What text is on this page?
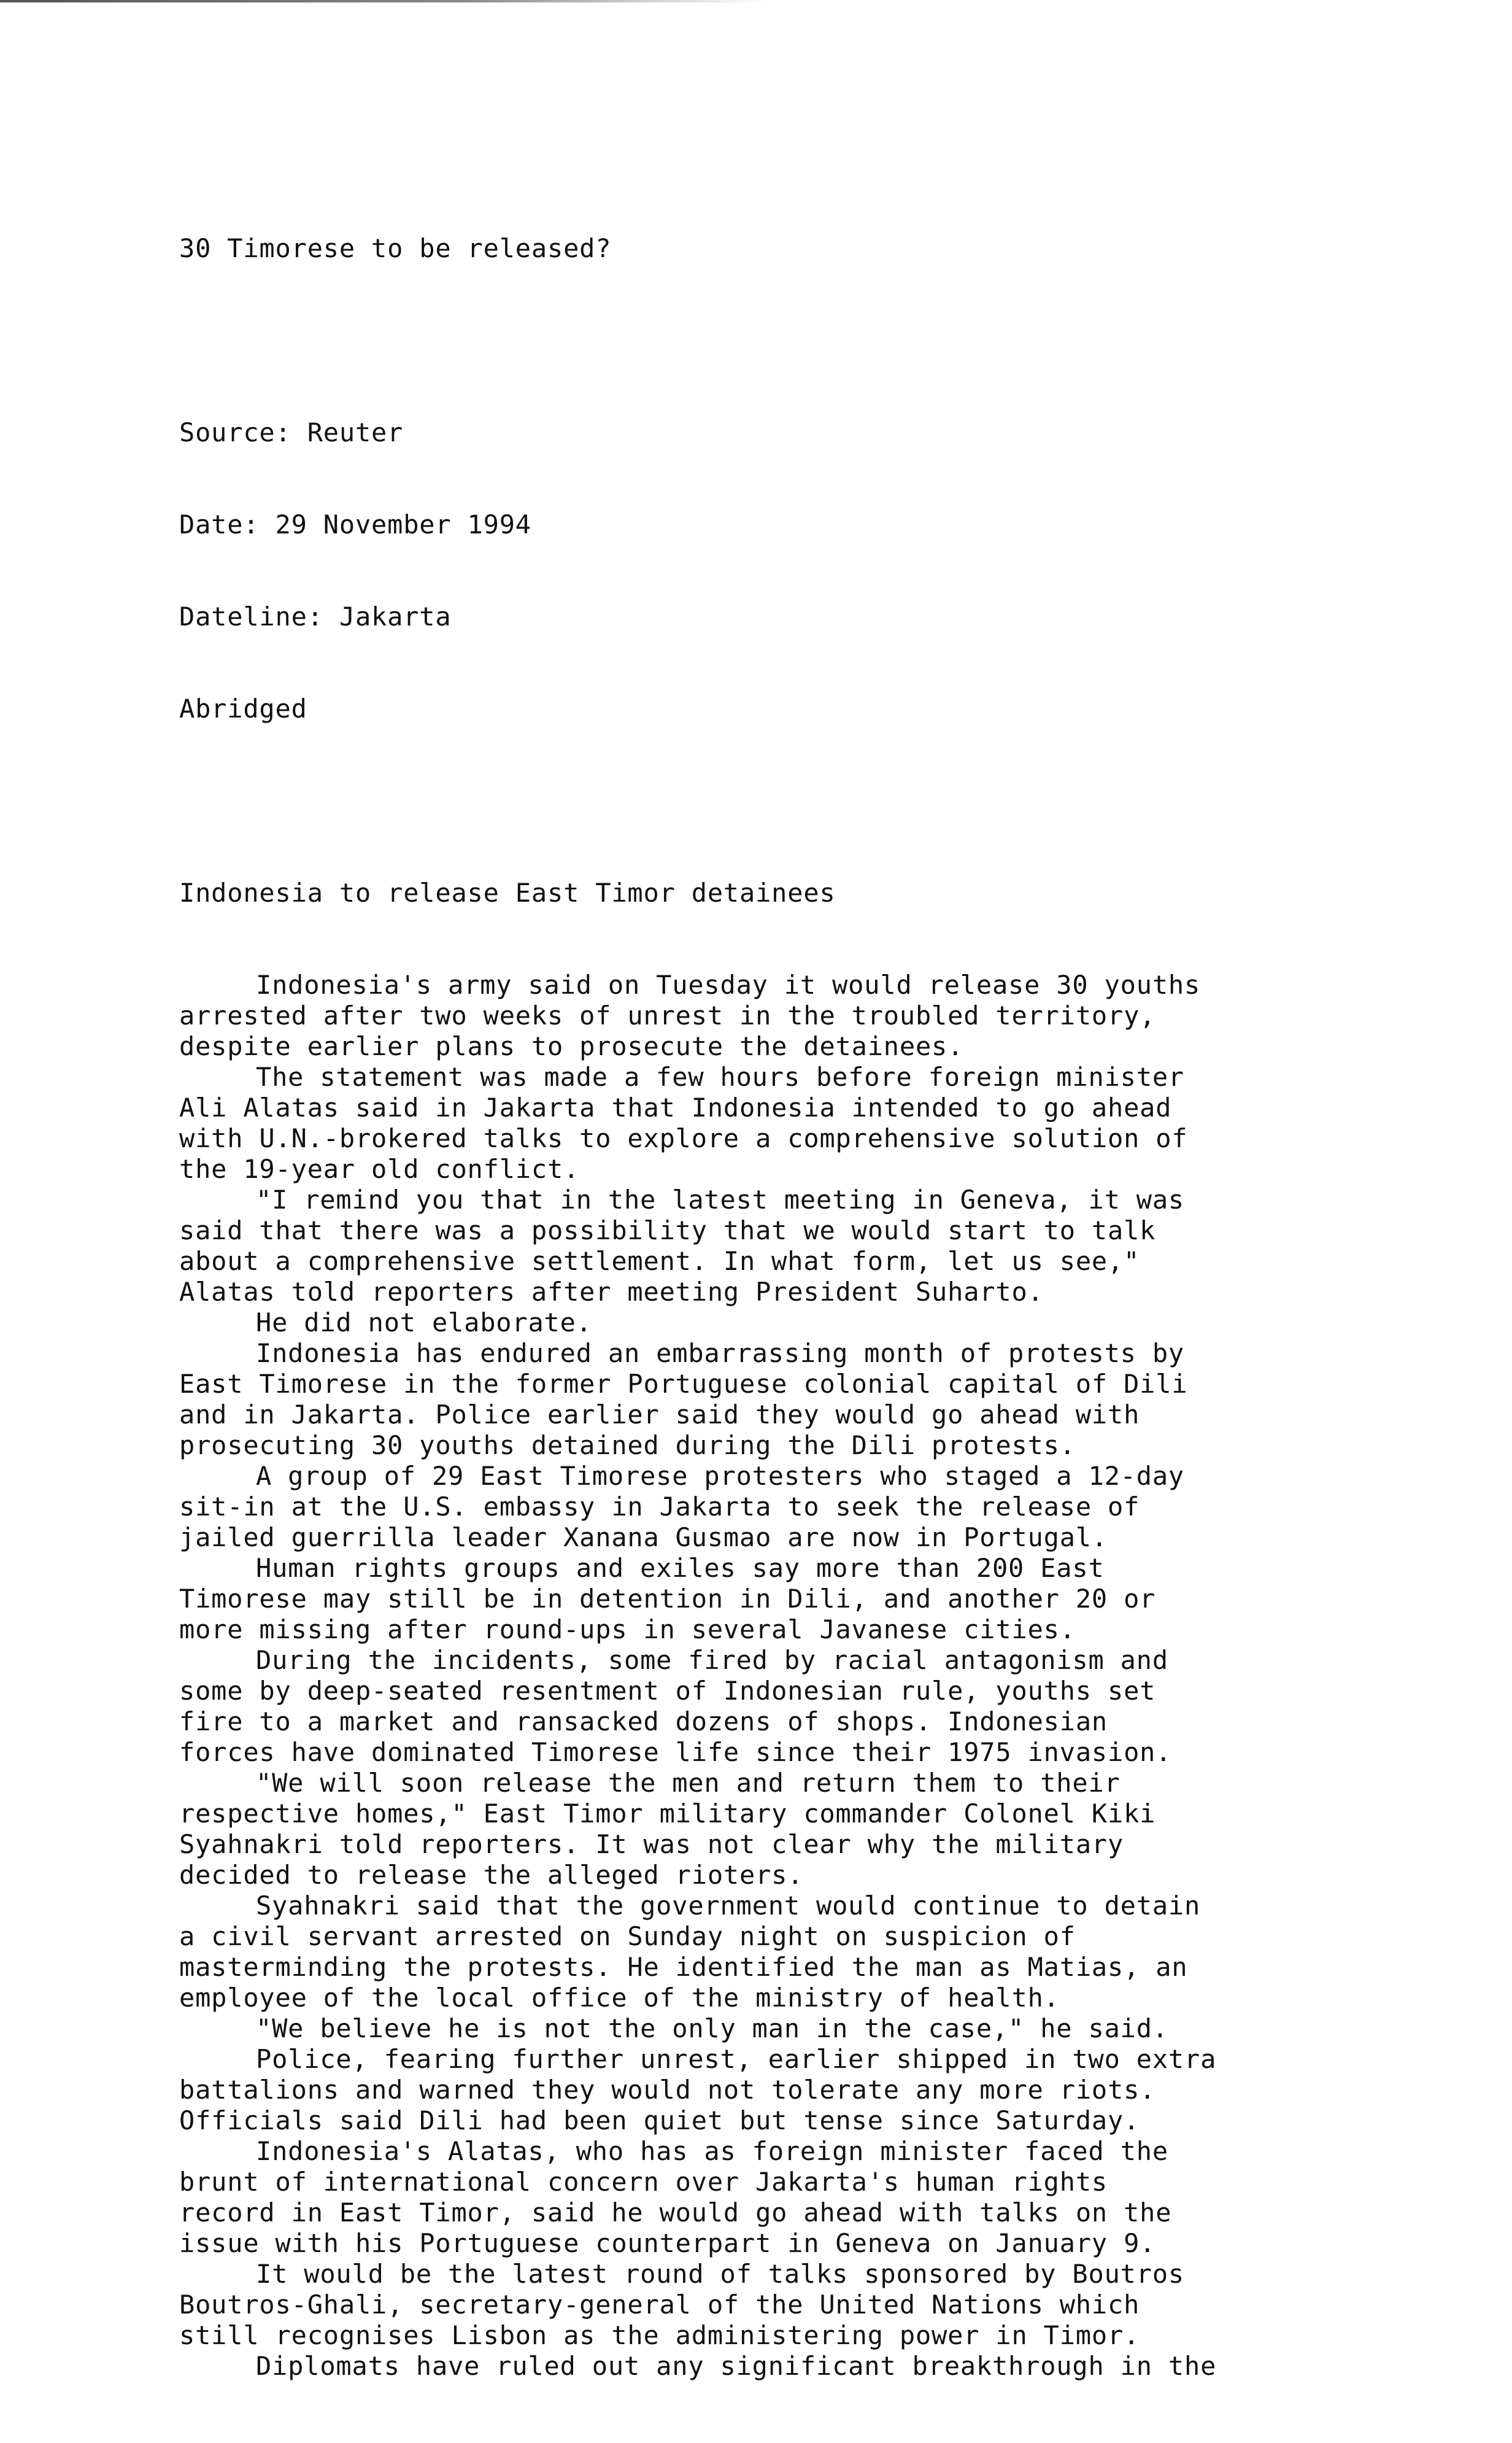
30 Timorese to be released?

Source: Reuter

Date: 29 November 1994

Dateline: Jakarta

Abridged

Indonesia to release East Timor detainees

Indonesia's army said on Tuesday it would release 30 youths
arrested after two weeks of unrest in the troubled territory,
despite earlier plans to prosecute the detainees.
The statement was made a few hours before foreign minister
Ali Alatas said in Jakarta that Indonesia intended to go ahead
with U.N.-brokered talks to explore a comprehensive solution of
the 19-year old conflict.
"I remind you that in the latest meeting in Geneva, it was
said that there was a possibility that we would start to talk
about a comprehensive settlement. In what form, let us see,"
Alatas told reporters after meeting President Suharto.
He did not elaborate.
Indonesia has endured an embarrassing month of protests by
East Timorese in the former Portuguese colonial capital of Dili
and in Jakarta. Police earlier said they would go ahead with
prosecuting 30 youths detained during the Dili protests.
A group of 29 East Timorese protesters who staged a 12-day
sit-in at the U.S. embassy in Jakarta to seek the release of
jailed guerrilla leader Xanana Gusmao are now in Portugal.
Human rights groups and exiles say more than 200 East
Timorese may still be in detention in Dili, and another 20 or
more missing after round-ups in several Javanese cities.
During the incidents, some fired by racial antagonism and
some by deep-seated resentment of Indonesian rule, youths set
fire to a market and ransacked dozens of shops. Indonesian
forces have dominated Timorese life since their 1975 invasion.
"We will soon release the men and return them to their
respective homes," East Timor military commander Colonel Kiki
Syahnakri told reporters. It was not clear why the military
decided to release the alleged rioters.
Syahnakri said that the government would continue to detain
a civil servant arrested on Sunday night on suspicion of
masterminding the protests. He identified the man as Matias, an
employee of the local office of the ministry of health.
"We believe he is not the only man in the case," he said.
Police, fearing further unrest, earlier shipped in two extra
battalions and warned they would not tolerate any more riots.
Officials said Dili had been quiet but tense since Saturday.
Indonesia's Alatas, who has as foreign minister faced the
brunt of international concern over Jakarta's human rights
record in East Timor, said he would go ahead with talks on the
issue with his Portuguese counterpart in Geneva on January 9.
It would be the latest round of talks sponsored by Boutros
Boutros-Ghali, secretary-general of the United Nations which
still recognises Lisbon as the administering power in Timor.
Diplomats have ruled out any significant breakthrough in the
